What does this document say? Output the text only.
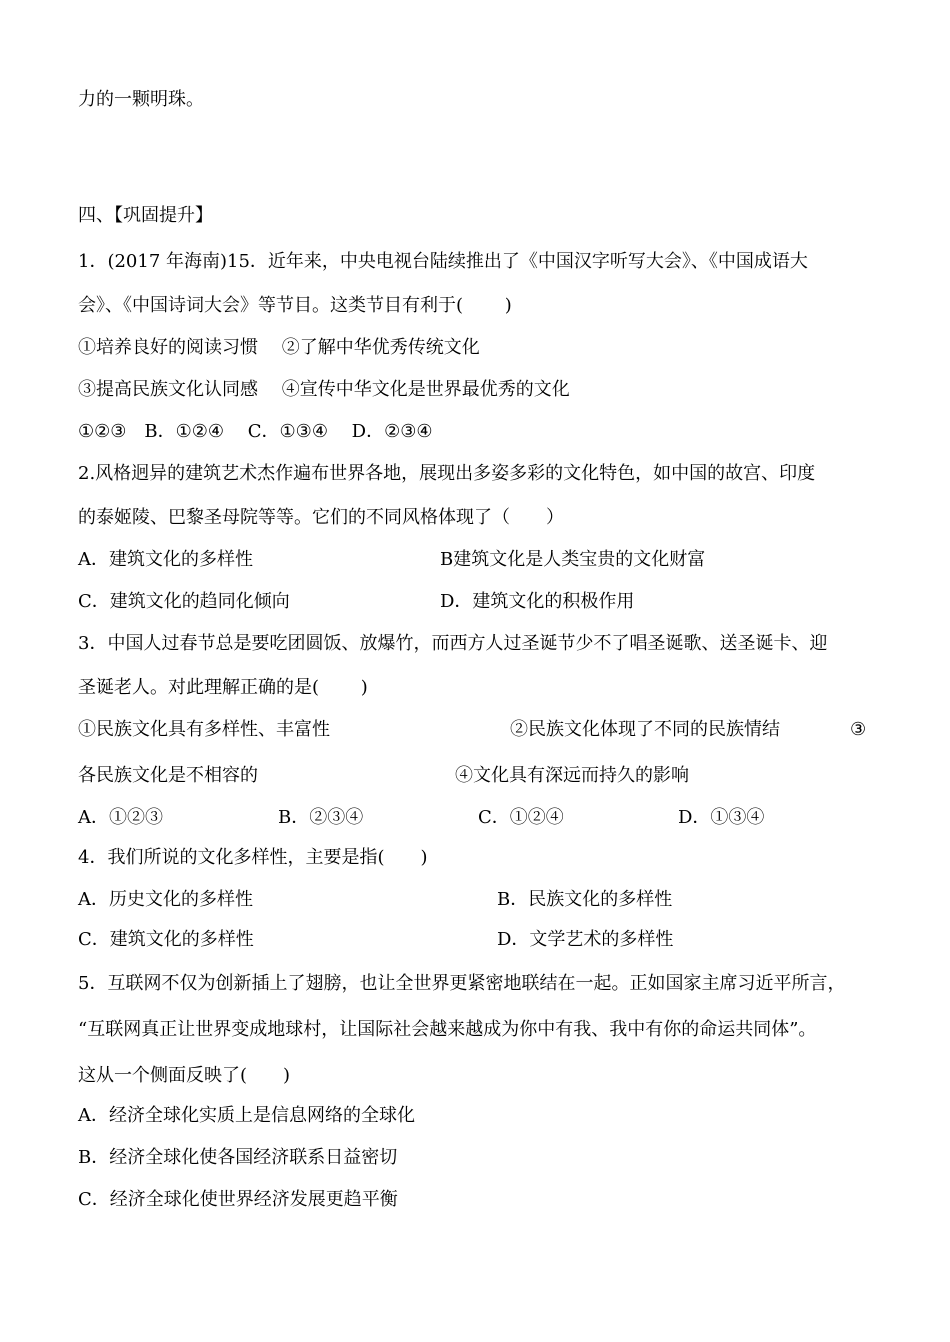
力的一颗明珠。
四、【巩固提升】
1．(2017 年海南)15．近年来，中央电视台陆续推出了《中国汉字听写大会》、《中国成语大
会》、《中国诗词大会》等节目。这类节目有利于(　　 )
①培养良好的阅读习惯　 ②了解中华优秀传统文化
③提高民族文化认同感　 ④宣传中华文化是世界最优秀的文化
①②③　B．①②④　 C．①③④　 D．②③④
2.风格迥异的建筑艺术杰作遍布世界各地，展现出多姿多彩的文化特色，如中国的故宫、印度
的泰姬陵、巴黎圣母院等等。它们的不同风格体现了（　　）
A．建筑文化的多样性	B建筑文化是人类宝贵的文化财富
C．建筑文化的趋同化倾向	D．建筑文化的积极作用
3．中国人过春节总是要吃团圆饭、放爆竹，而西方人过圣诞节少不了唱圣诞歌、送圣诞卡、迎
圣诞老人。对此理解正确的是(　　 )
①民族文化具有多样性、丰富性	②民族文化体现了不同的民族情结	③
各民族文化是不相容的	④文化具有深远而持久的影响
A．①②③	B．②③④	C．①②④	D．①③④
4．我们所说的文化多样性，主要是指(　　)
A．历史文化的多样性	B．民族文化的多样性
C．建筑文化的多样性	D．文学艺术的多样性
5．互联网不仅为创新插上了翅膀，也让全世界更紧密地联结在一起。正如国家主席习近平所言，
“互联网真正让世界变成地球村，让国际社会越来越成为你中有我、我中有你的命运共同体”。
这从一个侧面反映了(　　)
A．经济全球化实质上是信息网络的全球化
B．经济全球化使各国经济联系日益密切
C．经济全球化使世界经济发展更趋平衡
